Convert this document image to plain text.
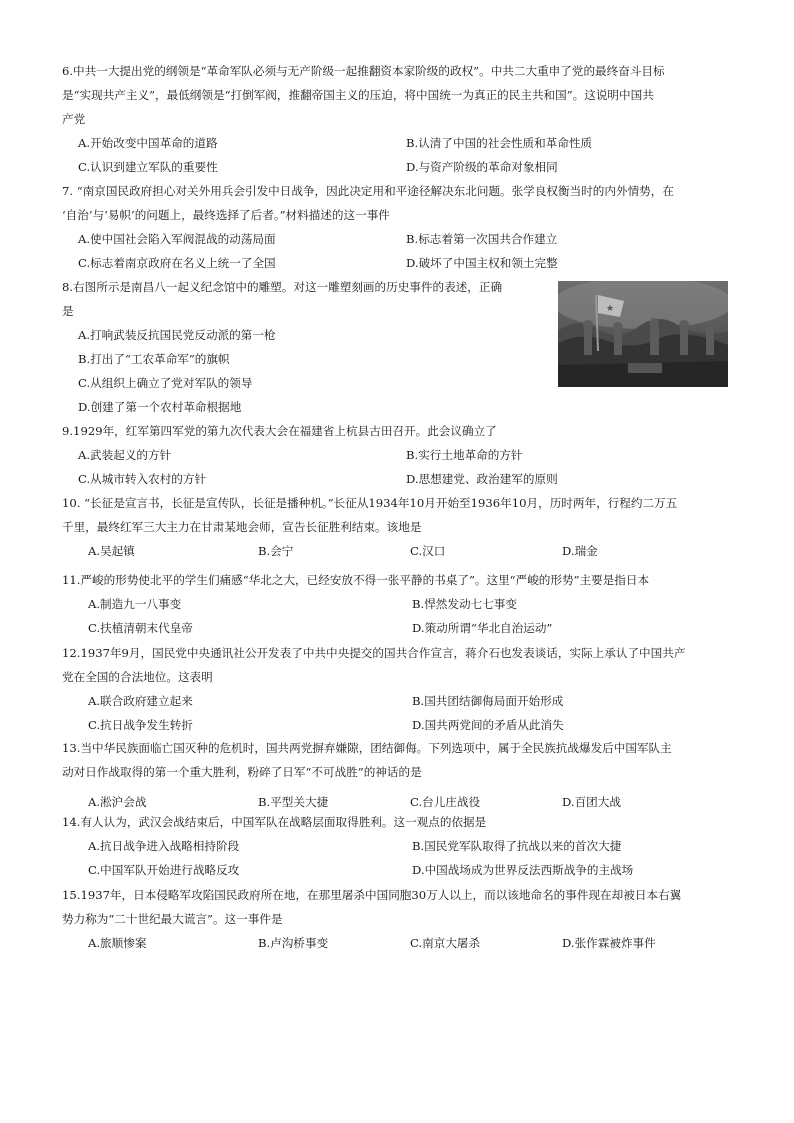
6.中共一大提出党的纲领是“革命军队必须与无产阶级一起推翻资本家阶级的政权”。中共二大重申了党的最终奋斗目标

是“实现共产主义”，最低纲领是“打倒军阀，推翻帝国主义的压迫，将中国统一为真正的民主共和国”。这说明中国共

产党

A.开始改变中国革命的道路	B.认清了中国的社会性质和革命性质
C.认识到建立军队的重要性	D.与资产阶级的革命对象相同

7. “南京国民政府担心对关外用兵会引发中日战争，因此决定用和平途径解决东北问题。张学良权衡当时的内外情势，在

‘自治’与‘易帜’的问题上，最终选择了后者。”材料描述的这一事件

A.使中国社会陷入军阀混战的动荡局面	B.标志着第一次国共合作建立
C.标志着南京政府在名义上统一了全国	D.破坏了中国主权和领土完整

8.右图所示是南昌八一起义纪念馆中的雕塑。对这一雕塑刻画的历史事件的表述，正确

是

A.打响武装反抗国民党反动派的第一枪
B.打出了“工农革命军”的旗帜
C.从组织上确立了党对军队的领导
D.创建了第一个农村革命根据地
★

9.1929年，红军第四军党的第九次代表大会在福建省上杭县古田召开。此会议确立了

A.武装起义的方针	B.实行土地革命的方针
C.从城市转入农村的方针	D.思想建党、政治建军的原则

10. “长征是宣言书，长征是宣传队，长征是播种机。”长征从1934年10月开始至1936年10月，历时两年，行程约二万五

千里，最终红军三大主力在甘肃某地会师，宣告长征胜利结束。该地是

A.吴起镇	B.会宁	C.汉口	D.瑞金

11.严峻的形势使北平的学生们痛感“华北之大，已经安放不得一张平静的书桌了”。这里“严峻的形势”主要是指日本

A.制造九一八事变	B.悍然发动七七事变
C.扶植清朝末代皇帝	D.策动所谓“华北自治运动”

12.1937年9月，国民党中央通讯社公开发表了中共中央提交的国共合作宣言，蒋介石也发表谈话，实际上承认了中国共产

党在全国的合法地位。这表明

A.联合政府建立起来	B.国共团结御侮局面开始形成
C.抗日战争发生转折	D.国共两党间的矛盾从此消失

13.当中华民族面临亡国灭种的危机时，国共两党摒弃嫌隙，团结御侮。下列选项中，属于全民族抗战爆发后中国军队主

动对日作战取得的第一个重大胜利，粉碎了日军“不可战胜”的神话的是

A.淞沪会战	B.平型关大捷	C.台儿庄战役	D.百团大战

14.有人认为，武汉会战结束后，中国军队在战略层面取得胜利。这一观点的依据是

A.抗日战争进入战略相持阶段	B.国民党军队取得了抗战以来的首次大捷
C.中国军队开始进行战略反攻	D.中国战场成为世界反法西斯战争的主战场

15.1937年，日本侵略军攻陷国民政府所在地，在那里屠杀中国同胞30万人以上，而以该地命名的事件现在却被日本右翼

势力称为“二十世纪最大谎言”。这一事件是

A.旅顺惨案	B.卢沟桥事变	C.南京大屠杀	D.张作霖被炸事件
